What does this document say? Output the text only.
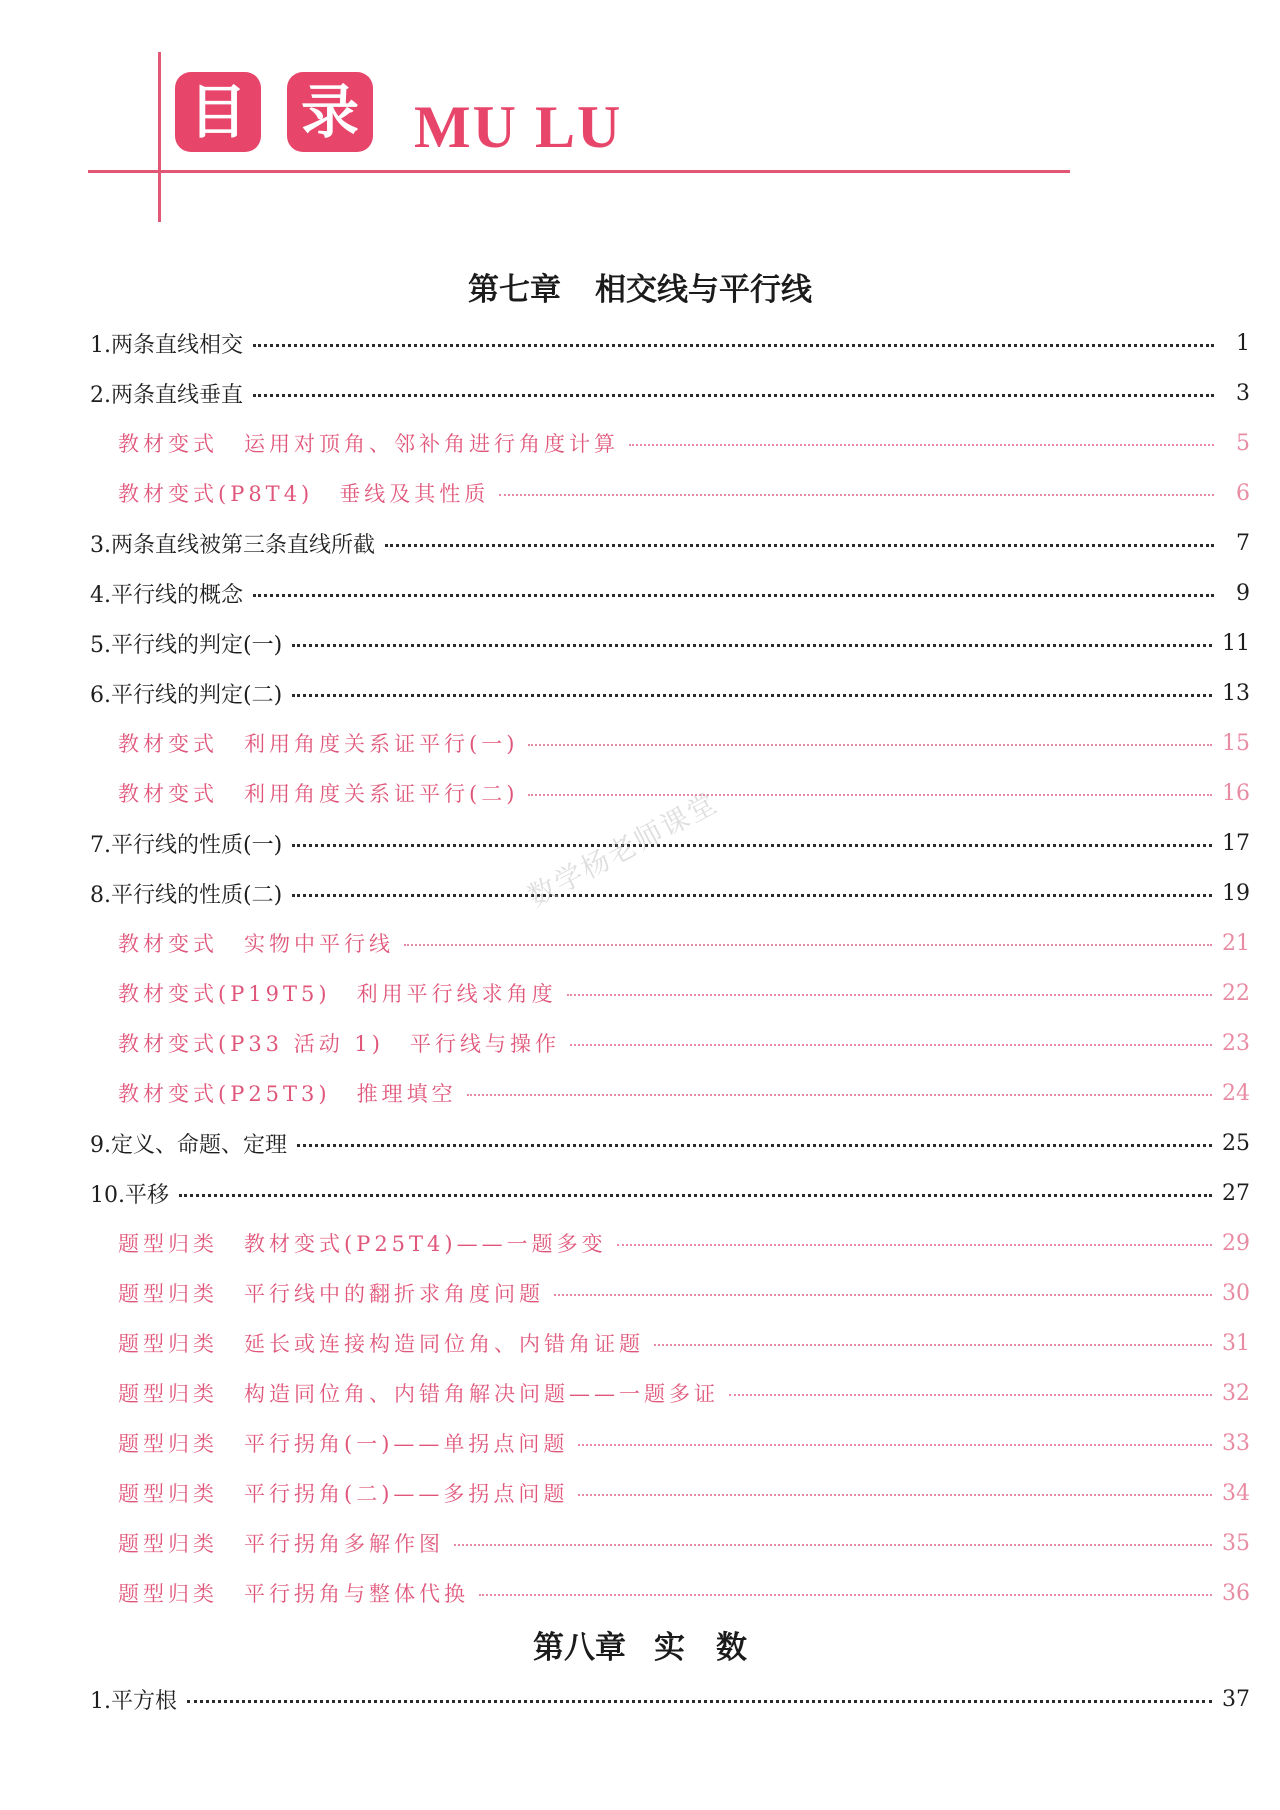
目 录 MU LU
第七章 相交线与平行线
1.两条直线相交	1
2.两条直线垂直	3
教材变式 运用对顶角、邻补角进行角度计算	5
教材变式(P8T4) 垂线及其性质	6
3.两条直线被第三条直线所截	7
4.平行线的概念	9
5.平行线的判定(一)	11
6.平行线的判定(二)	13
教材变式 利用角度关系证平行(一)	15
教材变式 利用角度关系证平行(二)	16
7.平行线的性质(一)	17
8.平行线的性质(二)	19
教材变式 实物中平行线	21
教材变式(P19T5) 利用平行线求角度	22
教材变式(P33 活动 1) 平行线与操作	23
教材变式(P25T3) 推理填空	24
9.定义、命题、定理	25
10.平移	27
题型归类 教材变式(P25T4)——一题多变	29
题型归类 平行线中的翻折求角度问题	30
题型归类 延长或连接构造同位角、内错角证题	31
题型归类 构造同位角、内错角解决问题——一题多证	32
题型归类 平行拐角(一)——单拐点问题	33
题型归类 平行拐角(二)——多拐点问题	34
题型归类 平行拐角多解作图	35
题型归类 平行拐角与整体代换	36
第八章 实　数
1.平方根	37
数学杨老师课堂
